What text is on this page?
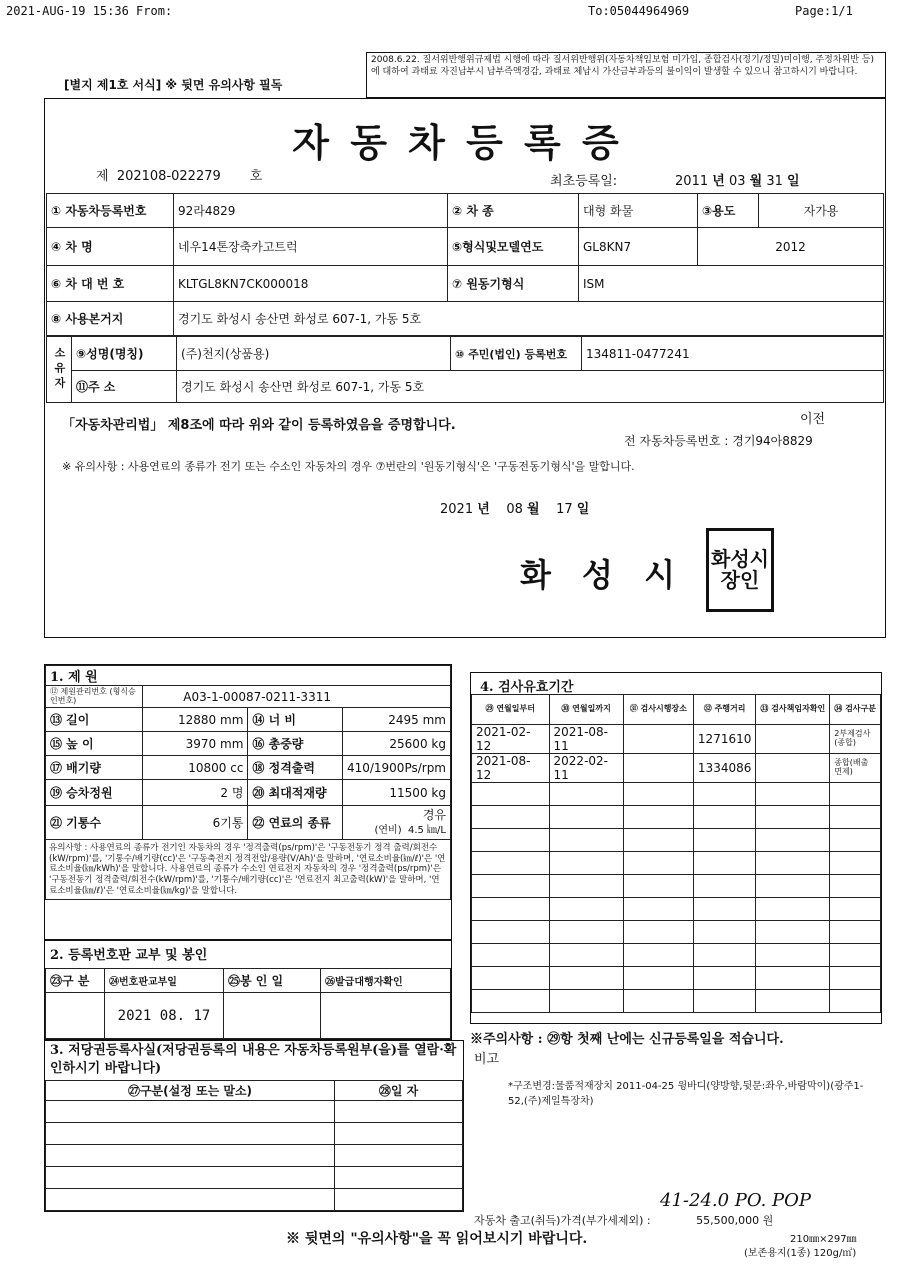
2021-AUG-19 15:36 From:	To:05044964969	Page:1/1
[별지 제1호 서식] ※ 뒷면 유의사항 필독
2008.6.22. 질서위반행위규제법 시행에 따라 질서위반행위(자동차책임보험 미가입, 종합검사(정기/정밀)미이행, 주정차위반 등)에 대하여 과태료 자진납부시 납부즉액경감, 과태료 체납시 가산금부과등의 불이익이 발생할 수 있으니 참고하시기 바랍니다.
자 동 차 등 록 증
제 202108-022279 호	최초등록일:	2011 년 03 월 31 일
① 자동차등록번호	92라4829	② 차 종	대형 화물	③용도	자가용
④ 차 명	네우14톤장축카고트럭	⑤형식및모델연도	GL8KN7	2012	
⑥ 차 대 번 호	KLTGL8KN7CK000018	⑦ 원동기형식	ISM		
⑧ 사용본거지	경기도 화성시 송산면 화성로 607-1, 가동 5호				
소유자	⑨성명(명칭)	(주)천지(상품용)	⑩ 주민(법인) 등록번호	134811-0477241
	⑪주 소	경기도 화성시 송산면 화성로 607-1, 가동 5호		
「자동차관리법」 제8조에 따라 위와 같이 등록하였음을 증명합니다.	이전
전 자동차등록번호 : 경기94아8829
※ 유의사항 : 사용연료의 종류가 전기 또는 수소인 자동차의 경우 ⑦번란의 '원동기형식'은 '구동전동기형식'을 말합니다.
2021 년 08 월 17 일
화 성 시 화성시장인
1. 제 원			
⑫ 제원관리번호 (형식승인번호)	A03-1-00087-0211-3311		
⑬ 길이	12880 mm	⑭ 너 비	2495 mm
⑮ 높 이	3970 mm	⑯ 총중량	25600 kg
⑰ 배기량	10800 cc	⑱ 정격출력	410/1900Ps/rpm
⑲ 승차정원	2 명	⑳ 최대적재량	11500 kg
㉑ 기통수	6기통	㉒ 연료의 종류	경유
(연비) 4.5 ㎞/L

유의사항 : 사용연료의 종류가 전기인 자동차의 경우 '정격출력(ps/rpm)'은 '구동전동기 정격 출력/회전수(kW/rpm)'를, '기통수/배기량(cc)'은 '구동축전지 정격전압/용량(V/Ah)'을 말하며, '연료소비율(㎞/ℓ)'은 '연료소비율(㎞/kWh)'을 말합니다. 사용연료의 종류가 수소인 연료전지 자동차의 경우 '정격출력(ps/rpm)'은 '구동전동기 정격출력/회전수(kW/rpm)'를, '기통수/배기량(cc)'은 '연료전지 최고출력(kW)'을 말하며, '연료소비율(㎞/ℓ)'은 '연료소비율(㎞/kg)'을 말합니다.			
2. 등록번호판 교부 및 봉인
㉓구 분	㉔번호판교부일	㉕봉 인 일	㉖발급대행자확인
	2021 08. 17		
3. 저당권등록사실(저당권등록의 내용은 자동차등록원부(을)를 열람·확인하시기 바랍니다)
㉗구분(설정 또는 말소)	㉘일 자

4. 검사유효기간
㉙ 연월일부터	㉚ 연월일까지	㉛ 검사시행장소	㉜ 주행거리	㉝ 검사책임자확인	㉞ 검사구분
2021-02-12	2021-08-11		1271610		2부제검사(종합)
2021-08-12	2022-02-11		1334086		종합(배출면제)

※주의사항 : ㉙항 첫째 난에는 신규등록일을 적습니다.
비고
*구조변경:물품적재장치 2011-04-25 윙바디(양방향,뒷문:좌우,바람막이)(광주1-52,(주)제일특장차)
41-24.0 PO. POP
자동차 출고(취득)가격(부가세제외) :	55,500,000 원
210㎜×297㎜
(보존용지(1종) 120g/㎡)
※ 뒷면의 "유의사항"을 꼭 읽어보시기 바랍니다.
